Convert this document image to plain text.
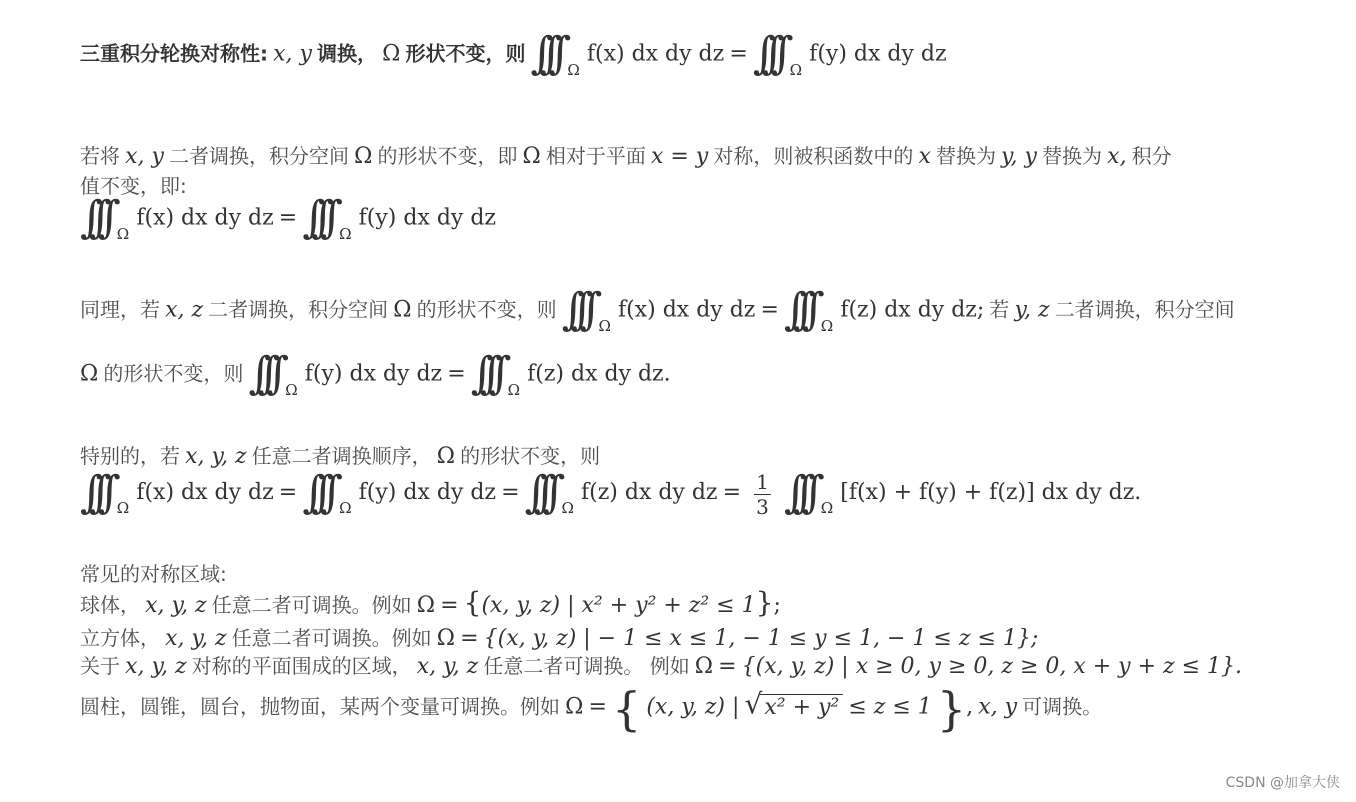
三重积分轮换对称性: x, y 调换， Ω 形状不变，则 ∫∫∫ Ω f(x) dx dy dz = ∫∫∫ Ω f(y) dx dy dz
若将 x, y 二者调换，积分空间 Ω 的形状不变，即 Ω 相对于平面 x = y 对称，则被积函数中的 x 替换为 y, y 替换为 x, 积分
值不变，即:
∫∫∫ Ω f(x) dx dy dz = ∫∫∫ Ω f(y) dx dy dz
同理，若 x, z 二者调换，积分空间 Ω 的形状不变，则 ∫∫∫ Ω f(x) dx dy dz = ∫∫∫ Ω f(z) dx dy dz; 若 y, z 二者调换，积分空间
Ω 的形状不变，则 ∫∫∫ Ω f(y) dx dy dz = ∫∫∫ Ω f(z) dx dy dz.
特别的，若 x, y, z 任意二者调换顺序， Ω 的形状不变，则
∫∫∫ Ω f(x) dx dy dz = ∫∫∫ Ω f(y) dx dy dz = ∫∫∫ Ω f(z) dx dy dz = $\frac{1}{3}$ ∫∫∫ Ω [f(x) + f(y) + f(z)] dx dy dz.
常见的对称区域:
球体， x, y, z 任意二者可调换。例如 Ω = {(x, y, z) | x² + y² + z² ≤ 1};
立方体， x, y, z 任意二者可调换。例如 Ω = {(x, y, z) | − 1 ≤ x ≤ 1, − 1 ≤ y ≤ 1, − 1 ≤ z ≤ 1};
关于 x, y, z 对称的平面围成的区域， x, y, z 任意二者可调换。 例如 Ω = {(x, y, z) | x ≥ 0, y ≥ 0, z ≥ 0, x + y + z ≤ 1}.
圆柱，圆锥，圆台，抛物面，某两个变量可调换。例如 Ω = { (x, y, z) | √x² + y² ≤ z ≤ 1 }, x, y 可调换。
CSDN @加拿大侠
